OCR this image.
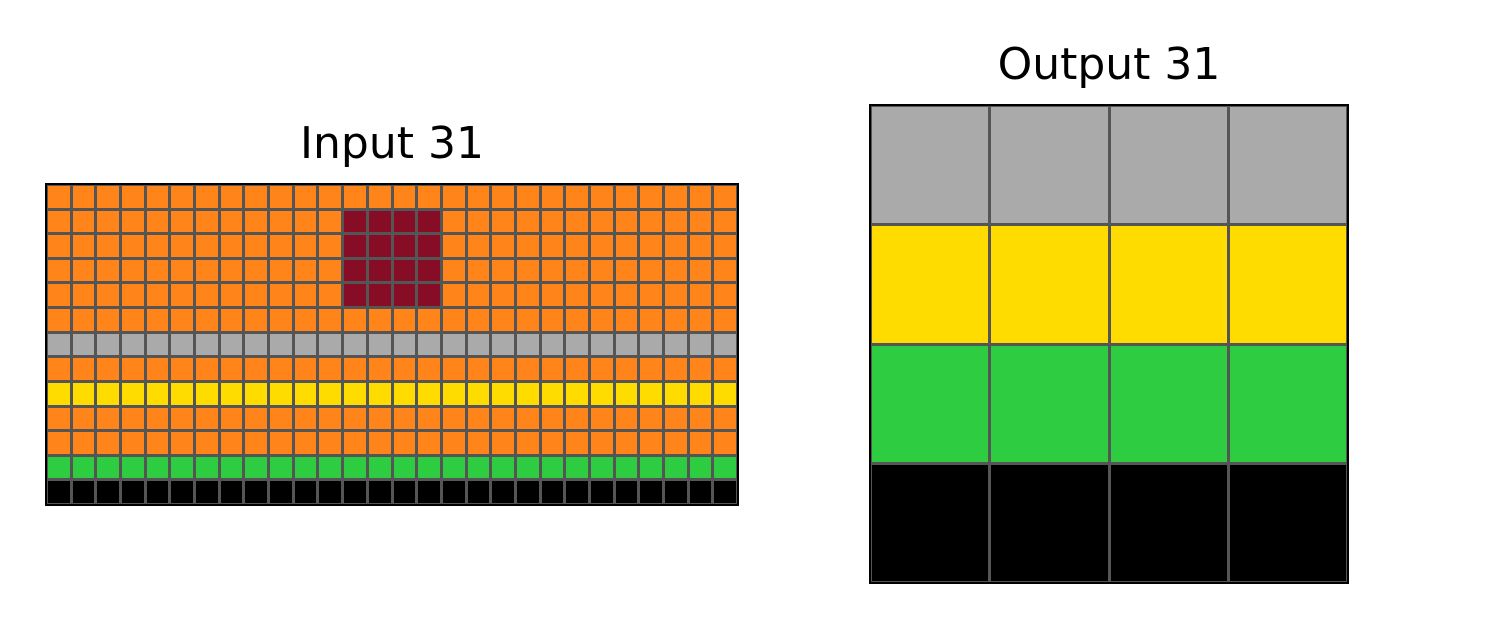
Input 31
Output 31
